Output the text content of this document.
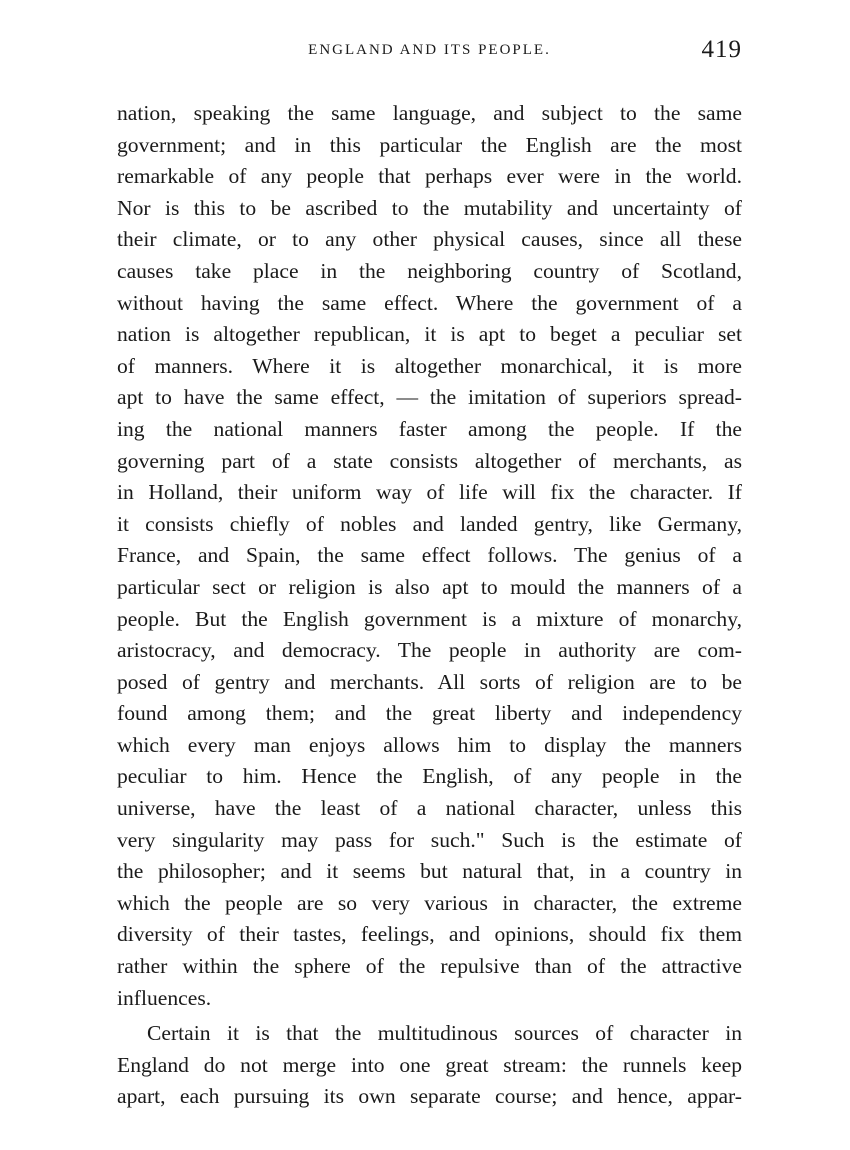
ENGLAND AND ITS PEOPLE.	419
nation, speaking the same language, and subject to the same
government; and in this particular the English are the most
remarkable of any people that perhaps ever were in the world.
Nor is this to be ascribed to the mutability and uncertainty of
their climate, or to any other physical causes, since all these
causes take place in the neighboring country of Scotland,
without having the same effect. Where the government of a
nation is altogether republican, it is apt to beget a peculiar set
of manners. Where it is altogether monarchical, it is more
apt to have the same effect, — the imitation of superiors spread-
ing the national manners faster among the people. If the
governing part of a state consists altogether of merchants, as
in Holland, their uniform way of life will fix the character. If
it consists chiefly of nobles and landed gentry, like Germany,
France, and Spain, the same effect follows. The genius of a
particular sect or religion is also apt to mould the manners of a
people. But the English government is a mixture of monarchy,
aristocracy, and democracy. The people in authority are com-
posed of gentry and merchants. All sorts of religion are to be
found among them; and the great liberty and independency
which every man enjoys allows him to display the manners
peculiar to him. Hence the English, of any people in the
universe, have the least of a national character, unless this
very singularity may pass for such." Such is the estimate of
the philosopher; and it seems but natural that, in a country in
which the people are so very various in character, the extreme
diversity of their tastes, feelings, and opinions, should fix them
rather within the sphere of the repulsive than of the attractive
influences.
Certain it is that the multitudinous sources of character in
England do not merge into one great stream: the runnels keep
apart, each pursuing its own separate course; and hence, appar-
